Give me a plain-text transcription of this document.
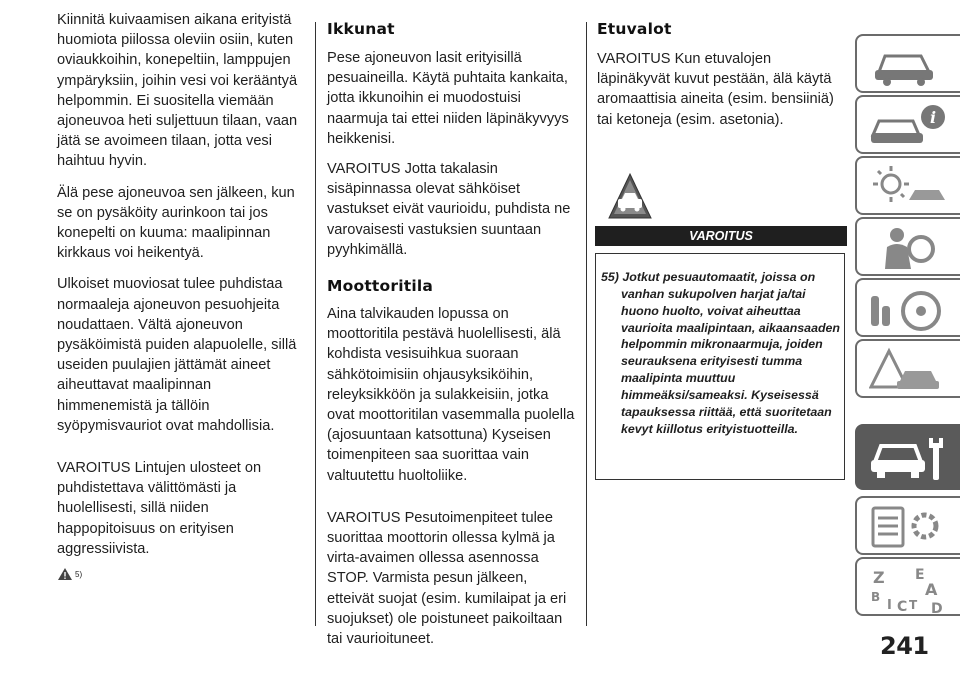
Kiinnitä kuivaamisen aikana erityistä huomiota piilossa oleviin osiin, kuten oviaukkoihin, konepeltiin, lamppujen ympäryksiin, joihin vesi voi kerääntyä helpommin. Ei suositella viemään ajoneuvoa heti suljettuun tilaan, vaan jätä se avoimeen tilaan, jotta vesi haihtuu hyvin.

Älä pese ajoneuvoa sen jälkeen, kun se on pysäköity aurinkoon tai jos konepelti on kuuma: maalipinnan kirkkaus voi heikentyä.

Ulkoiset muoviosat tulee puhdistaa normaaleja ajoneuvon pesuohjeita noudattaen. Vältä ajoneuvon pysäköimistä puiden alapuolelle, sillä useiden puulajien jättämät aineet aiheuttavat maalipinnan himmenemistä ja tällöin syöpymisvauriot ovat mahdollisia.

VAROITUS Lintujen ulosteet on puhdistettava välittömästi ja huolellisesti, sillä niiden happopitoisuus on erityisen aggressiivista.

5)
Ikkunat

Pese ajoneuvon lasit erityisillä pesuaineilla. Käytä puhtaita kankaita, jotta ikkunoihin ei muodostuisi naarmuja tai ettei niiden läpinäkyvyys heikkenisi.

VAROITUS Jotta takalasin sisäpinnassa olevat sähköiset vastukset eivät vaurioidu, puhdista ne varovaisesti vastuksien suuntaan pyyhkimällä.

Moottoritila

Aina talvikauden lopussa on moottoritila pestävä huolellisesti, älä kohdista vesisuihkua suoraan sähkötoimisiin ohjausyksiköihin, releyksikköön ja sulakkeisiin, jotka ovat moottoritilan vasemmalla puolella (ajosuuntaan katsottuna) Kyseisen toimenpiteen saa suorittaa vain valtuutettu huoltoliike.

VAROITUS Pesutoimenpiteet tulee suorittaa moottorin ollessa kylmä ja virta-avaimen ollessa asennossa STOP. Varmista pesun jälkeen, etteivät suojat (esim. kumilaipat ja eri suojukset) ole poistuneet paikoiltaan tai vaurioituneet.

Etuvalot

VAROITUS Kun etuvalojen läpinäkyvät kuvut pestään, älä käytä aromaattisia aineita (esim. bensiiniä) tai ketoneja (esim. asetonia).

VAROITUS
55) Jotkut pesuautomaatit, joissa on vanhan sukupolven harjat ja/tai huono huolto, voivat aiheuttaa vaurioita maalipintaan, aikaansaaden helpommin mikronaarmuja, joiden seurauksena erityisesti tumma maalipinta muuttuu himmeäksi/sameaksi. Kyseisessä tapauksessa riittää, että suoritetaan kevyt kiillotus erityistuotteilla.
i
Z E
A
B
I C T D
241
